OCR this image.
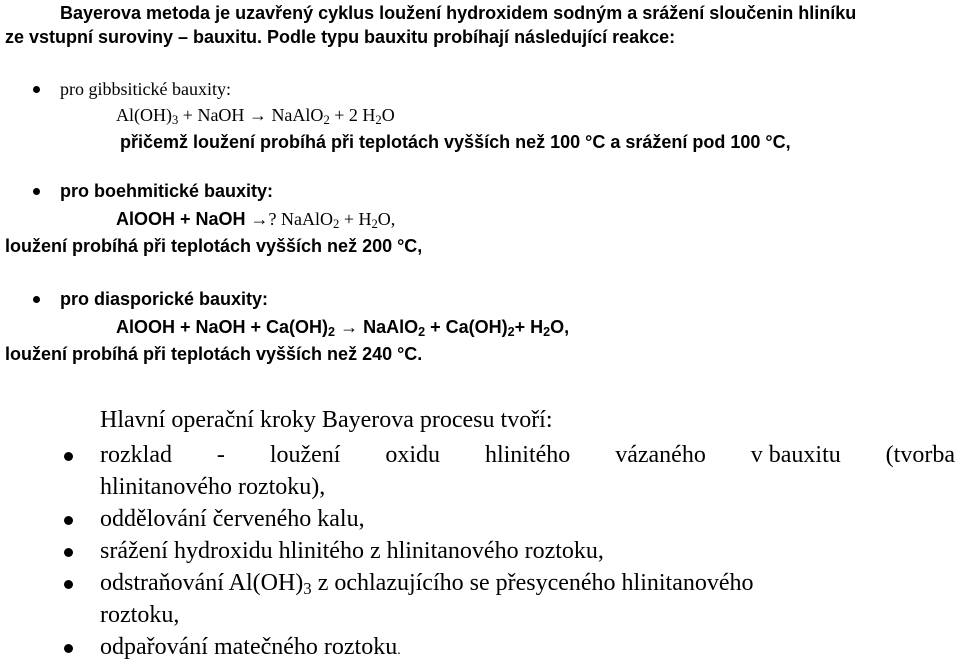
Bayerova metoda je uzavřený cyklus loužení hydroxidem sodným a srážení sloučenin hliníku
ze vstupní suroviny – bauxitu. Podle typu bauxitu probíhají následující reakce:
pro gibbsitické bauxity:
$Al(OH)_3$ + NaOH → NaAlO$_2$ + 2 $H_2O$
přičemž loužení probíhá při teplotách vyšších než 100 °C a srážení pod 100 °C,
pro boehmitické bauxity:
AlOOH + NaOH →? NaAlO$_2$ + $H_2O$,
loužení probíhá při teplotách vyšších než 200 °C,
pro diasporické bauxity:
AlOOH + NaOH + $Ca(OH)_2$ → NaAlO$_2$ + $Ca(OH)_2+ H_2O$,
loužení probíhá při teplotách vyšších než 240 °C.
Hlavní operační kroky Bayerova procesu tvoří:
rozklad - loužení oxidu hlinitého vázaného v bauxitu (tvorba
hlinitanového roztoku),
oddělování červeného kalu,
srážení hydroxidu hlinitého z hlinitanového roztoku,
odstraňování $Al(OH)_3$ z ochlazujícího se přesyceného hlinitanového
roztoku,
odpařování matečného roztoku.
